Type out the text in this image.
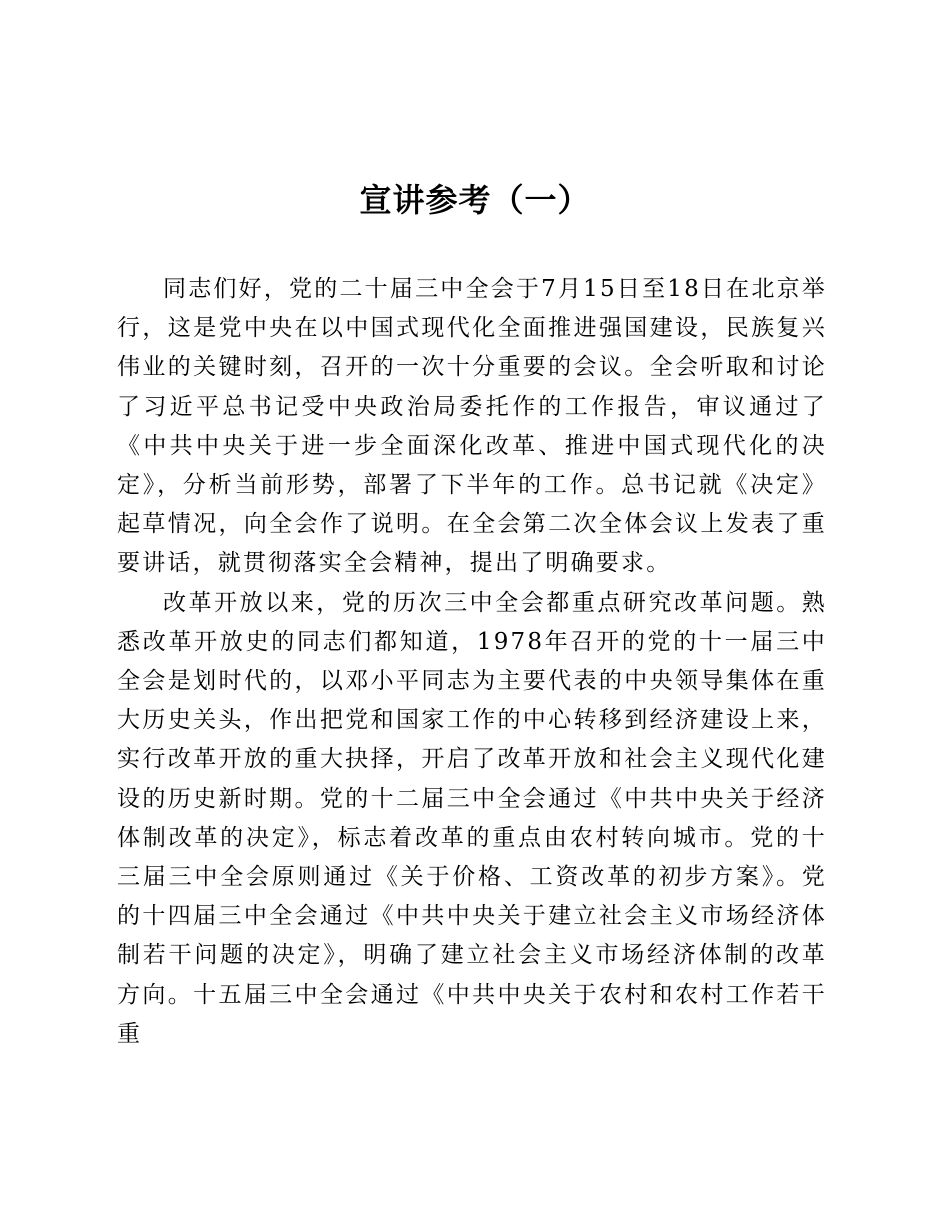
宣讲参考（一）

同志们好，党的二十届三中全会于7月15日至18日在北京举行，这是党中央在以中国式现代化全面推进强国建设，民族复兴伟业的关键时刻，召开的一次十分重要的会议。全会听取和讨论了习近平总书记受中央政治局委托作的工作报告，审议通过了《中共中央关于进一步全面深化改革、推进中国式现代化的决定》，分析当前形势，部署了下半年的工作。总书记就《决定》起草情况，向全会作了说明。在全会第二次全体会议上发表了重要讲话，就贯彻落实全会精神，提出了明确要求。

改革开放以来，党的历次三中全会都重点研究改革问题。熟悉改革开放史的同志们都知道，1978年召开的党的十一届三中全会是划时代的，以邓小平同志为主要代表的中央领导集体在重大历史关头，作出把党和国家工作的中心转移到经济建设上来，实行改革开放的重大抉择，开启了改革开放和社会主义现代化建设的历史新时期。党的十二届三中全会通过《中共中央关于经济体制改革的决定》，标志着改革的重点由农村转向城市。党的十三届三中全会原则通过《关于价格、工资改革的初步方案》。党的十四届三中全会通过《中共中央关于建立社会主义市场经济体制若干问题的决定》，明确了建立社会主义市场经济体制的改革方向。十五届三中全会通过《中共中央关于农村和农村工作若干重
